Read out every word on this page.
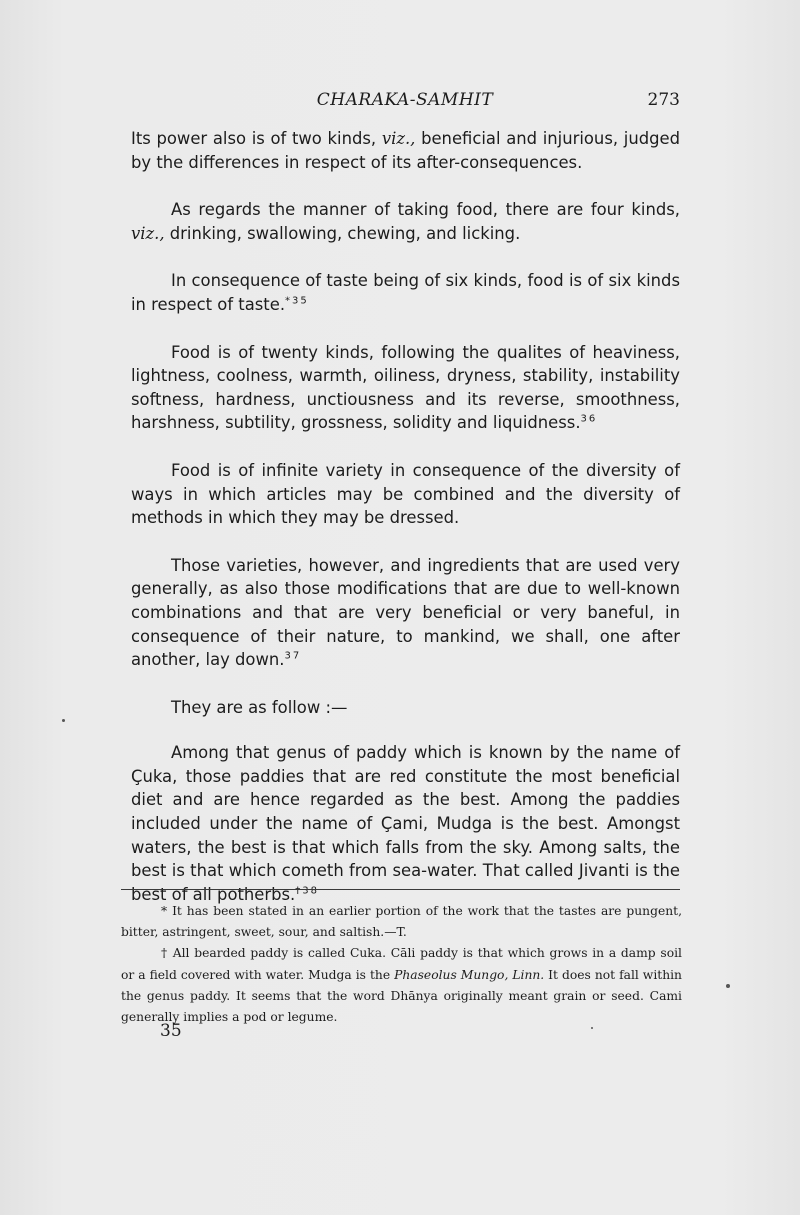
CHARAKA-SAMHIT	273

Its power also is of two kinds, viz., beneficial and injurious, judged by the differences in respect of its after-consequences.

As regards the manner of taking food, there are four kinds, viz., drinking, swallowing, chewing, and licking.

In consequence of taste being of six kinds, food is of six kinds in respect of taste.$^{*35}$

Food is of twenty kinds, following the qualites of heaviness, lightness, coolness, warmth, oiliness, dryness, stability, instability softness, hardness, unctiousness and its reverse, smoothness, harshness, subtility, grossness, solidity and liquidness.$^{36}$

Food is of infinite variety in consequence of the diversity of ways in which articles may be combined and the diversity of methods in which they may be dressed.

Those varieties, however, and ingredients that are used very generally, as also those modifications that are due to well-known combinations and that are very beneficial or very baneful, in consequence of their nature, to mankind, we shall, one after another, lay down.$^{37}$

They are as follow :—

Among that genus of paddy which is known by the name of Çuka, those paddies that are red constitute the most beneficial diet and are hence regarded as the best. Among the paddies included under the name of Çami, Mudga is the best. Amongst waters, the best is that which falls from the sky. Among salts, the best is that which cometh from sea-water. That called Jivanti is the best of all potherbs.$^{\dagger 38}$

* It has been stated in an earlier portion of the work that the tastes are pungent, bitter, astringent, sweet, sour, and saltish.—T.

† All bearded paddy is called Cuka. Cāli paddy is that which grows in a damp soil or a field covered with water. Mudga is the Phaseolus Mungo, Linn. It does not fall within the genus paddy. It seems that the word Dhānya originally meant grain or seed. Cami generally implies a pod or legume.

35
